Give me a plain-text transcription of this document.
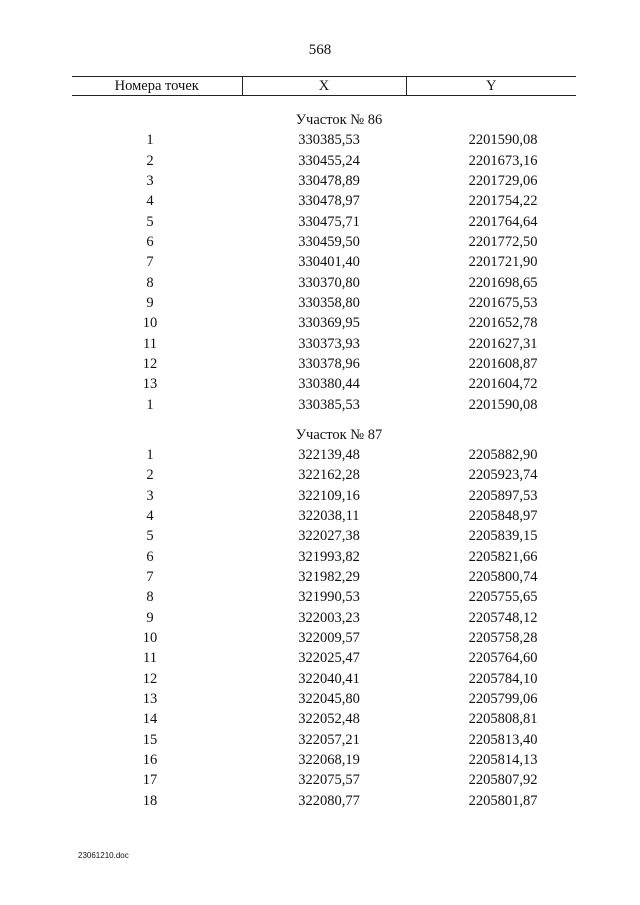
568
Номера точек	X	Y
Участок № 86		
1	330385,53	2201590,08
2	330455,24	2201673,16
3	330478,89	2201729,06
4	330478,97	2201754,22
5	330475,71	2201764,64
6	330459,50	2201772,50
7	330401,40	2201721,90
8	330370,80	2201698,65
9	330358,80	2201675,53
10	330369,95	2201652,78
11	330373,93	2201627,31
12	330378,96	2201608,87
13	330380,44	2201604,72
1	330385,53	2201590,08
Участок № 87		
1	322139,48	2205882,90
2	322162,28	2205923,74
3	322109,16	2205897,53
4	322038,11	2205848,97
5	322027,38	2205839,15
6	321993,82	2205821,66
7	321982,29	2205800,74
8	321990,53	2205755,65
9	322003,23	2205748,12
10	322009,57	2205758,28
11	322025,47	2205764,60
12	322040,41	2205784,10
13	322045,80	2205799,06
14	322052,48	2205808,81
15	322057,21	2205813,40
16	322068,19	2205814,13
17	322075,57	2205807,92
18	322080,77	2205801,87
23061210.doc
